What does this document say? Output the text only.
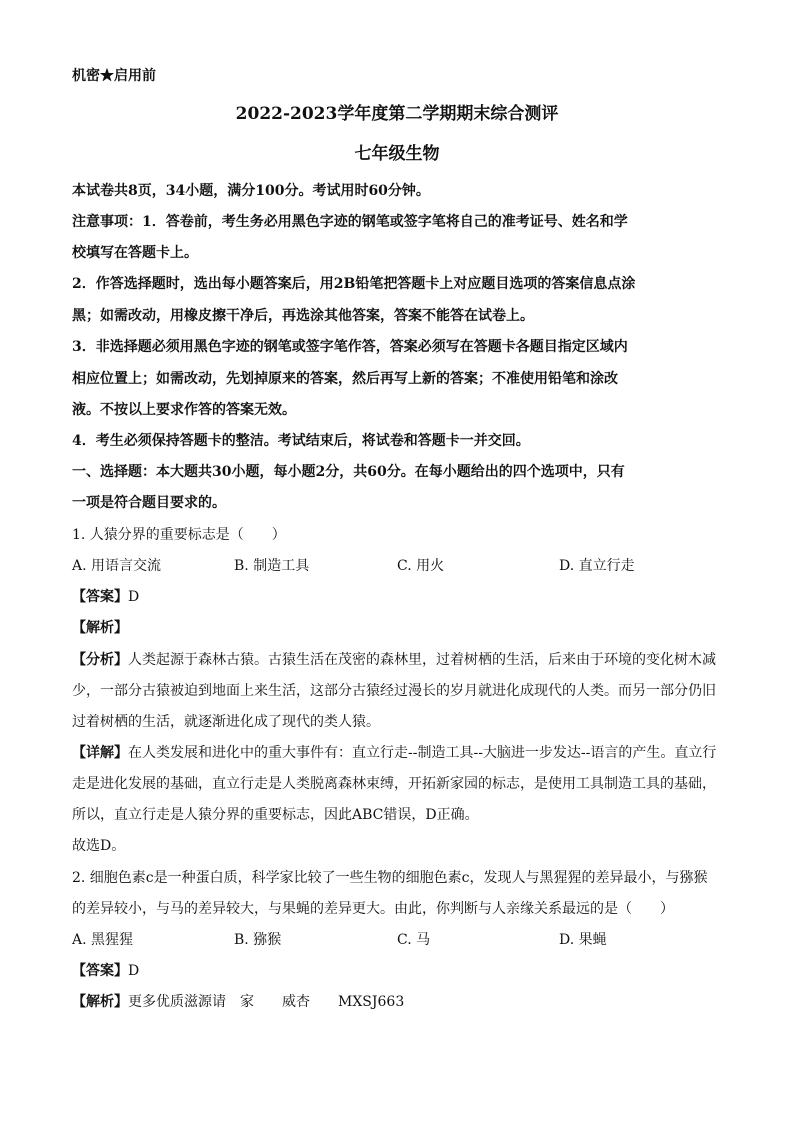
机密★启用前
2022-2023学年度第二学期期末综合测评
七年级生物
本试卷共8页，34小题，满分100分。考试用时60分钟。
注意事项：1．答卷前，考生务必用黑色字迹的钢笔或签字笔将自己的准考证号、姓名和学
校填写在答题卡上。
2．作答选择题时，选出每小题答案后，用2B铅笔把答题卡上对应题目选项的答案信息点涂
黑；如需改动，用橡皮擦干净后，再选涂其他答案，答案不能答在试卷上。
3．非选择题必须用黑色字迹的钢笔或签字笔作答，答案必须写在答题卡各题目指定区域内
相应位置上；如需改动，先划掉原来的答案，然后再写上新的答案；不准使用铅笔和涂改
液。不按以上要求作答的答案无效。
4．考生必须保持答题卡的整洁。考试结束后，将试卷和答题卡一并交回。
一、选择题：本大题共30小题，每小题2分，共60分。在每小题给出的四个选项中，只有
一项是符合题目要求的。
1. 人猿分界的重要标志是（　　）
A. 用语言交流	B. 制造工具	C. 用火	D. 直立行走
【答案】D
【解析】
【分析】人类起源于森林古猿。古猿生活在茂密的森林里，过着树栖的生活，后来由于环境的变化树木减
少，一部分古猿被迫到地面上来生活，这部分古猿经过漫长的岁月就进化成现代的人类。而另一部分仍旧
过着树栖的生活，就逐渐进化成了现代的类人猿。
【详解】在人类发展和进化中的重大事件有：直立行走--制造工具--大脑进一步发达--语言的产生。直立行
走是进化发展的基础，直立行走是人类脱离森林束缚，开拓新家园的标志，是使用工具制造工具的基础，
所以，直立行走是人猿分界的重要标志，因此ABC错误，D正确。
故选D。
2. 细胞色素c是一种蛋白质，科学家比较了一些生物的细胞色素c，发现人与黑猩猩的差异最小，与猕猴
的差异较小，与马的差异较大，与果蝇的差异更大。由此，你判断与人亲缘关系最远的是（　　）
A. 黑猩猩	B. 猕猴	C. 马	D. 果蝇
【答案】D
【解析】更多优质滋源请　家　　威杏　　MXSJ663
